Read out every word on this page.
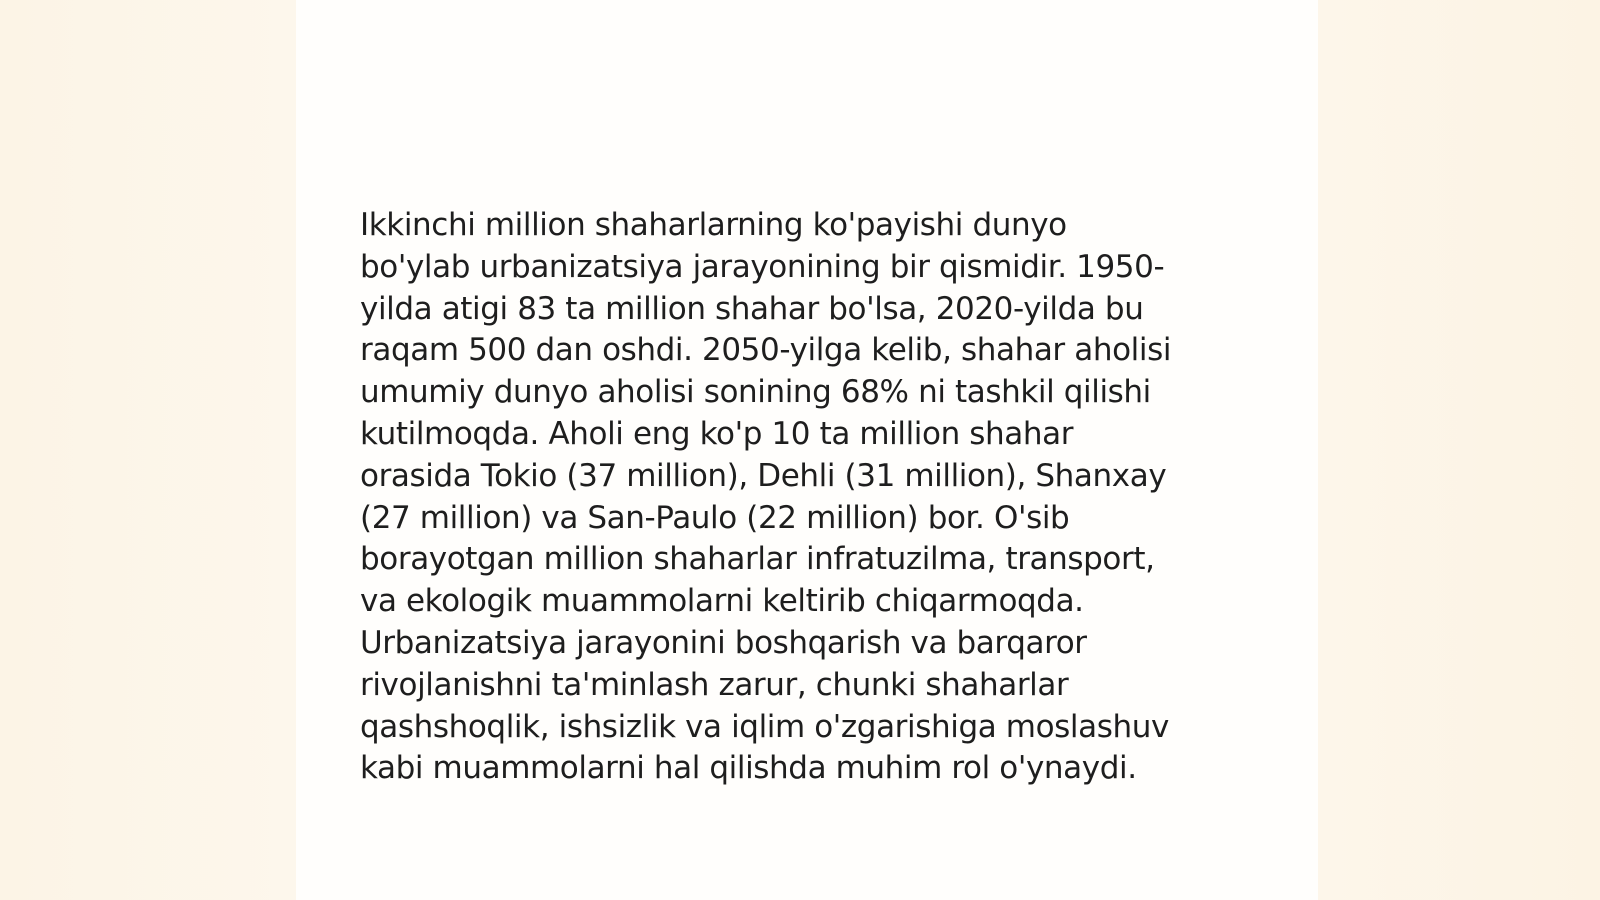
Ikkinchi million shaharlarning ko'payishi dunyo
bo'ylab urbanizatsiya jarayonining bir qismidir. 1950-
yilda atigi 83 ta million shahar bo'lsa, 2020-yilda bu
raqam 500 dan oshdi. 2050-yilga kelib, shahar aholisi
umumiy dunyo aholisi sonining 68% ni tashkil qilishi
kutilmoqda. Aholi eng ko'p 10 ta million shahar
orasida Tokio (37 million), Dehli (31 million), Shanxay
(27 million) va San-Paulo (22 million) bor. O'sib
borayotgan million shaharlar infratuzilma, transport,
va ekologik muammolarni keltirib chiqarmoqda.
Urbanizatsiya jarayonini boshqarish va barqaror
rivojlanishni ta'minlash zarur, chunki shaharlar
qashshoqlik, ishsizlik va iqlim o'zgarishiga moslashuv
kabi muammolarni hal qilishda muhim rol o'ynaydi.
